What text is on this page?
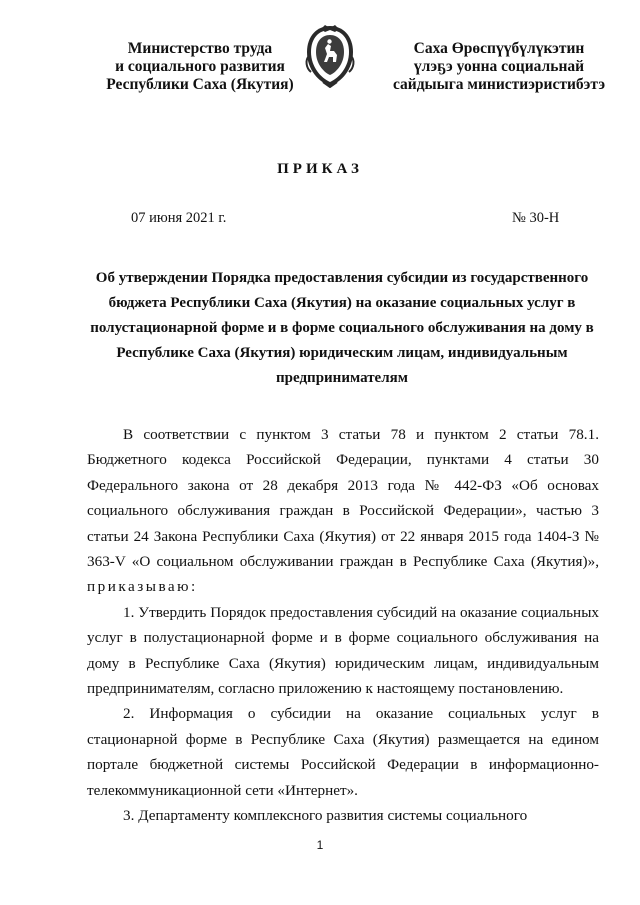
Министерство труда
и социального развития
Республики Саха (Якутия)
Саха Өрөспүүбүлүкэтин
үлэҕэ уонна социальнай
сайдыыга министиэристибэтэ
ПРИКАЗ
07 июня 2021 г.	№ 30-Н
Об утверждении Порядка предоставления субсидии из государственного бюджета Республики Саха (Якутия) на оказание социальных услуг в полустационарной форме и в форме социального обслуживания на дому в Республике Саха (Якутия) юридическим лицам, индивидуальным предпринимателям

В соответствии с пунктом 3 статьи 78 и пунктом 2 статьи 78.1. Бюджетного кодекса Российской Федерации, пунктами 4 статьи 30 Федерального закона от 28 декабря 2013 года № 442-ФЗ «Об основах социального обслуживания граждан в Российской Федерации», частью 3 статьи 24 Закона Республики Саха (Якутия) от 22 января 2015 года 1404-З № 363-V «О социальном обслуживании граждан в Республике Саха (Якутия)», приказываю:

1. Утвердить Порядок предоставления субсидий на оказание социальных услуг в полустационарной форме и в форме социального обслуживания на дому в Республике Саха (Якутия) юридическим лицам, индивидуальным предпринимателям, согласно приложению к настоящему постановлению.

2. Информация о субсидии на оказание социальных услуг в стационарной форме в Республике Саха (Якутия) размещается на едином портале бюджетной системы Российской Федерации в информационно-телекоммуникационной сети «Интернет».

3. Департаменту комплексного развития системы социального

1
